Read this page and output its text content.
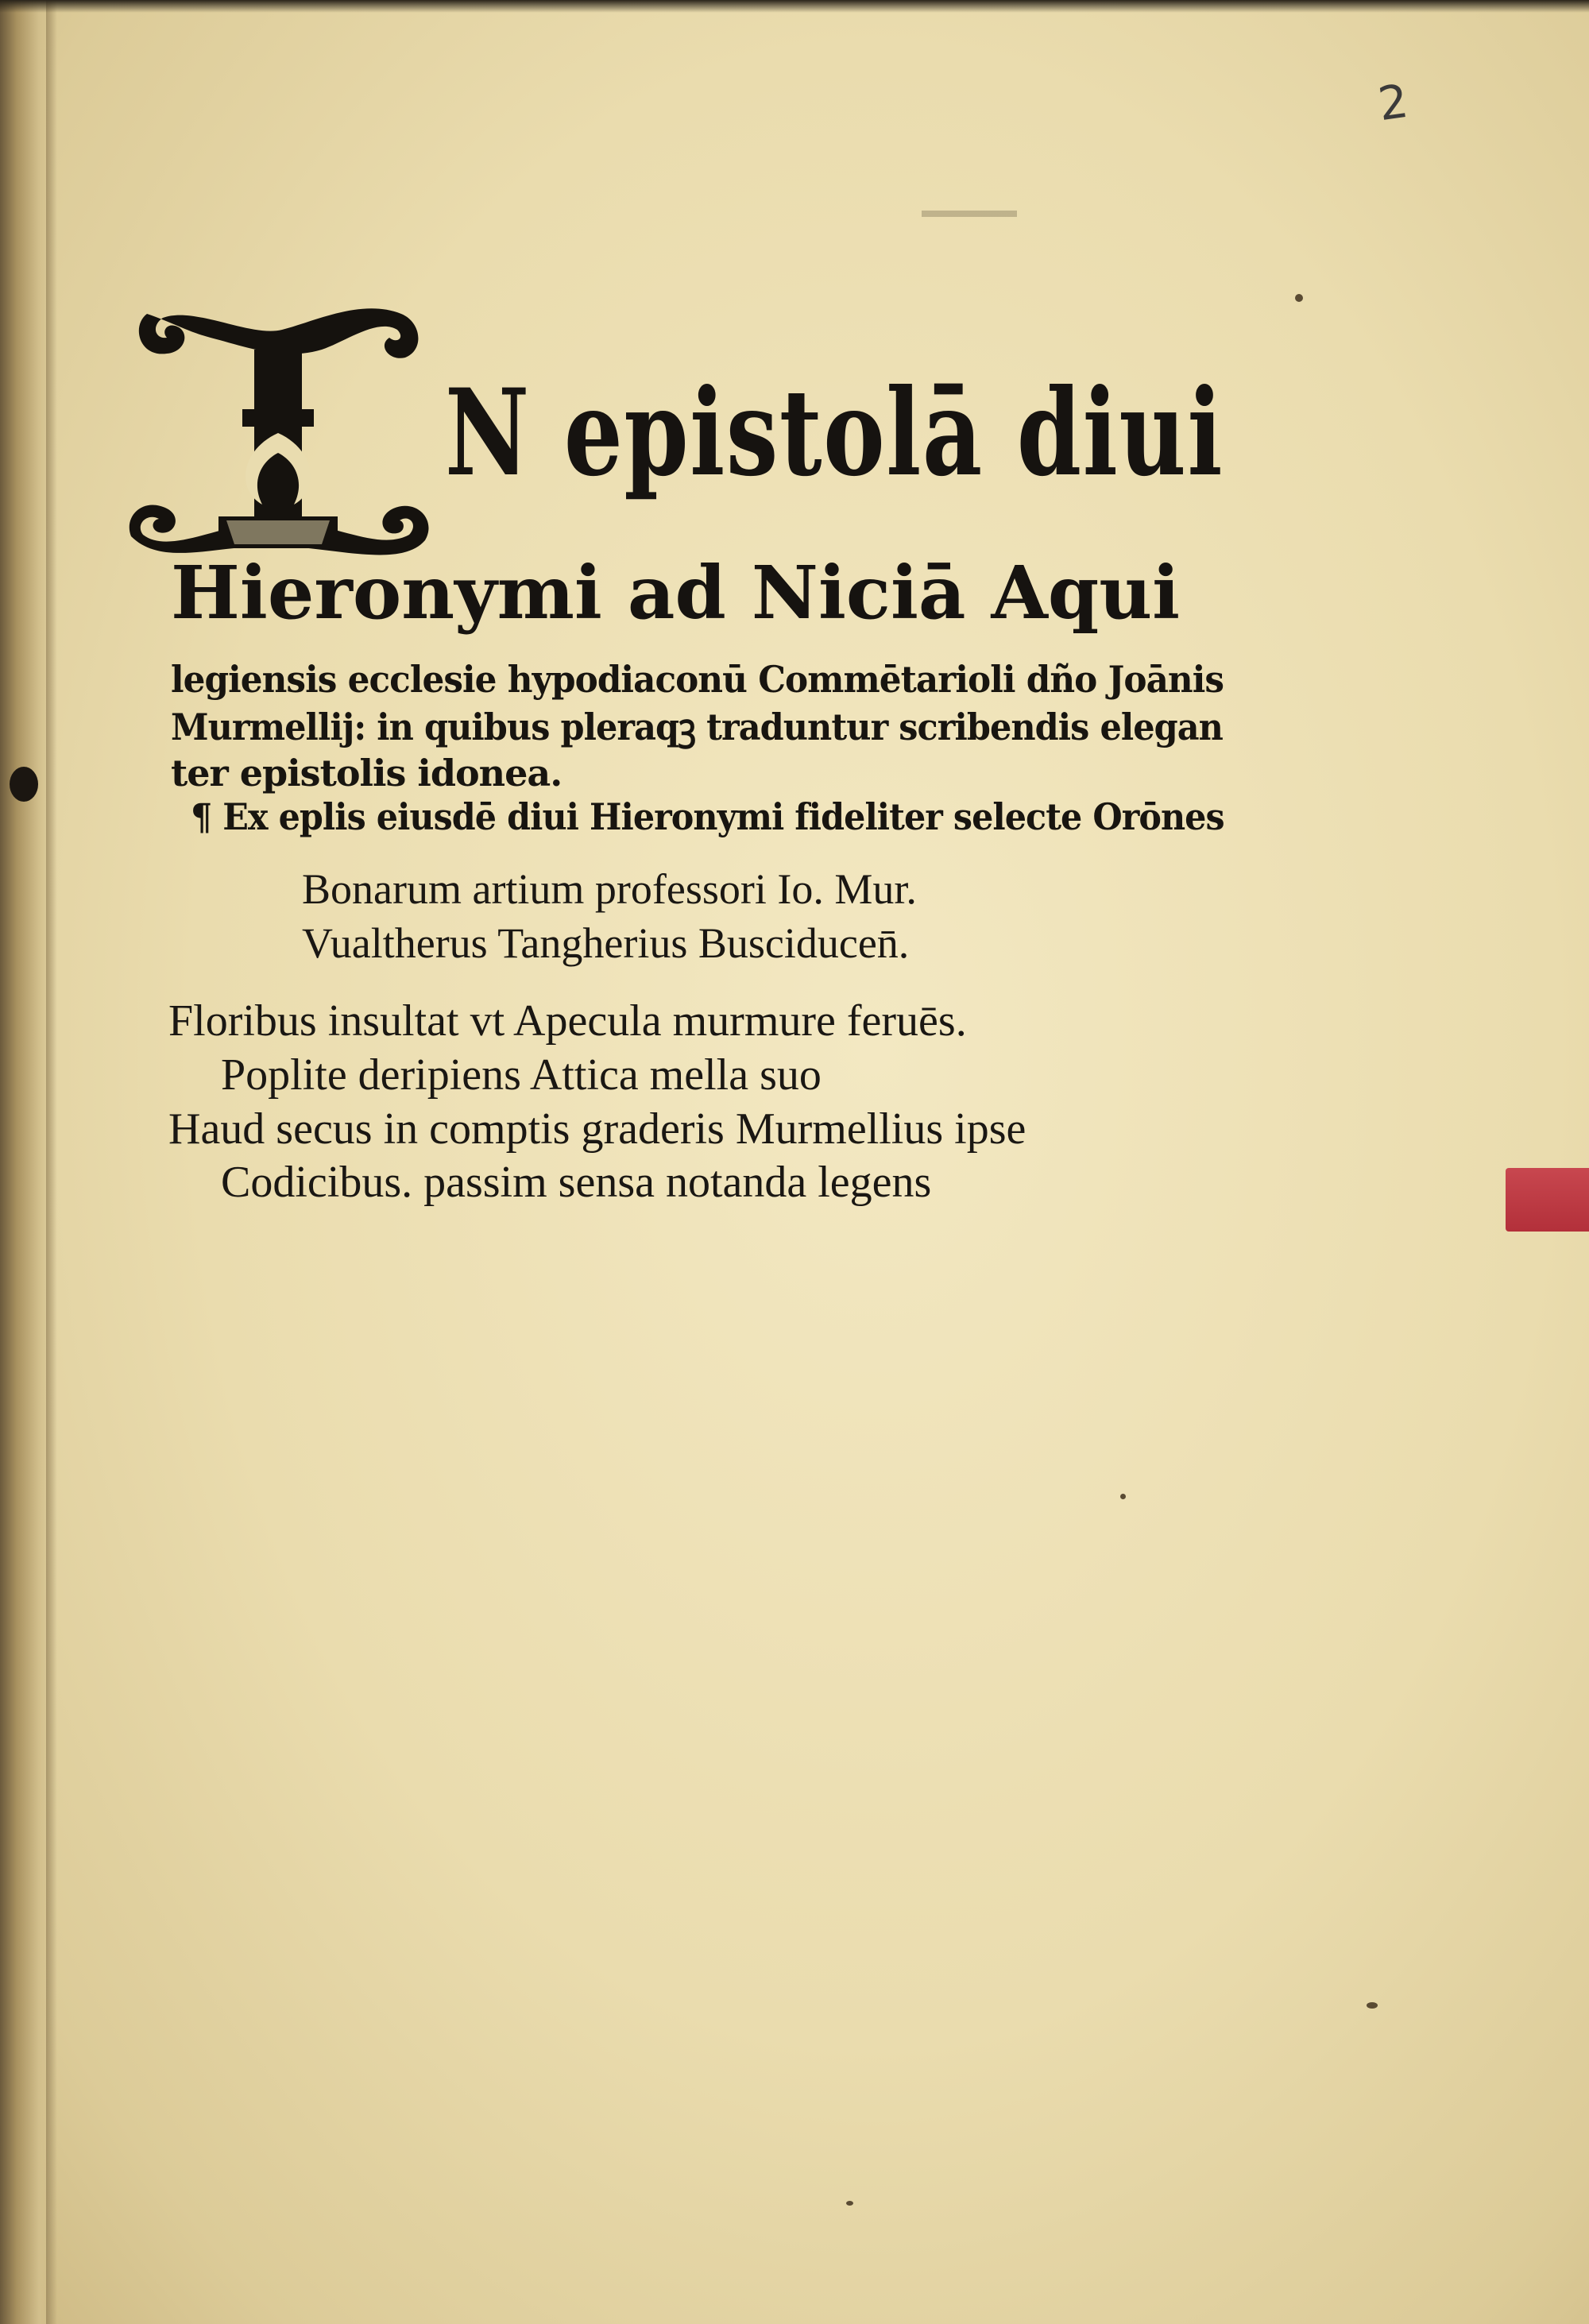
2
N epistolā diui
Hieronymi ad Niciā Aqui
legiensis ecclesie hypodiaconū Commētarioli dño Joānis
Murmellij: in quibus pleraqꝫ traduntur scribendis elegan
ter epistolis idonea.
¶ Ex eplis eiusdē diui Hieronymi fideliter selecte Orōnes
Bonarum artium professori Io. Mur.
Vualtherus Tangherius Busciducen̄.
Floribus insultat vt Apecula murmure feruēs.
Poplite deripiens Attica mella suo
Haud secus in comptis graderis Murmellius ipse
Codicibus. passim sensa notanda legens
